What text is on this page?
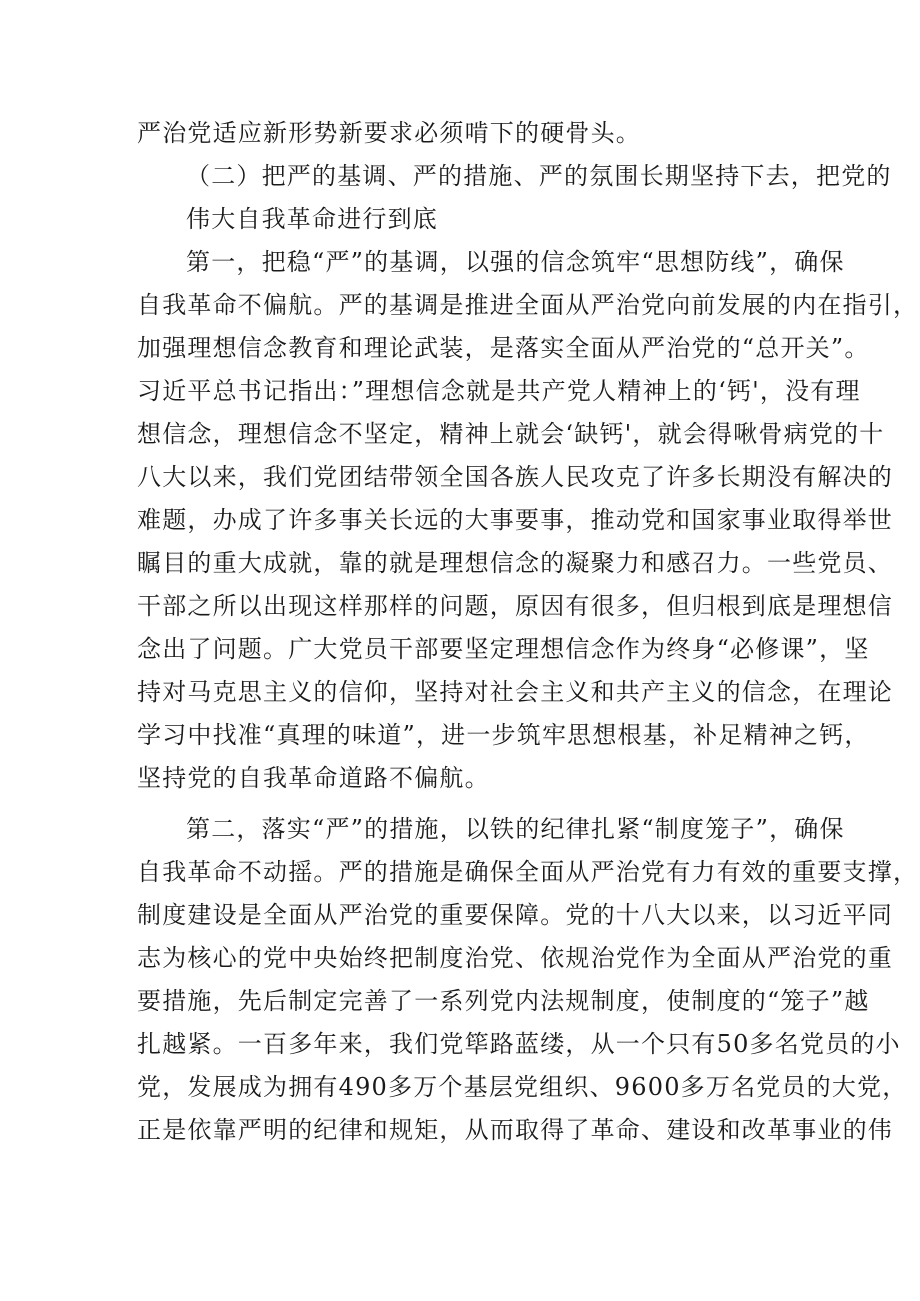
严治党适应新形势新要求必须啃下的硬骨头。
（二）把严的基调、严的措施、严的氛围长期坚持下去，把党的
伟大自我革命进行到底
第一，把稳“严”的基调，以强的信念筑牢“思想防线”，确保
自我革命不偏航。严的基调是推进全面从严治党向前发展的内在指引，
加强理想信念教育和理论武装，是落实全面从严治党的“总开关”。
习近平总书记指出：”理想信念就是共产党人精神上的‘钙'，没有理
想信念，理想信念不坚定，精神上就会‘缺钙'，就会得啾骨病党的十
八大以来，我们党团结带领全国各族人民攻克了许多长期没有解决的
难题，办成了许多事关长远的大事要事，推动党和国家事业取得举世
瞩目的重大成就，靠的就是理想信念的凝聚力和感召力。一些党员、
干部之所以出现这样那样的问题，原因有很多，但归根到底是理想信
念出了问题。广大党员干部要坚定理想信念作为终身“必修课”，坚
持对马克思主义的信仰，坚持对社会主义和共产主义的信念，在理论
学习中找准“真理的味道”，进一步筑牢思想根基，补足精神之钙，
坚持党的自我革命道路不偏航。
第二，落实“严”的措施，以铁的纪律扎紧“制度笼子”，确保
自我革命不动摇。严的措施是确保全面从严治党有力有效的重要支撑，
制度建设是全面从严治党的重要保障。党的十八大以来，以习近平同
志为核心的党中央始终把制度治党、依规治党作为全面从严治党的重
要措施，先后制定完善了一系列党内法规制度，使制度的“笼子”越
扎越紧。一百多年来，我们党筚路蓝缕，从一个只有50多名党员的小
党，发展成为拥有490多万个基层党组织、9600多万名党员的大党，
正是依靠严明的纪律和规矩，从而取得了革命、建设和改革事业的伟
